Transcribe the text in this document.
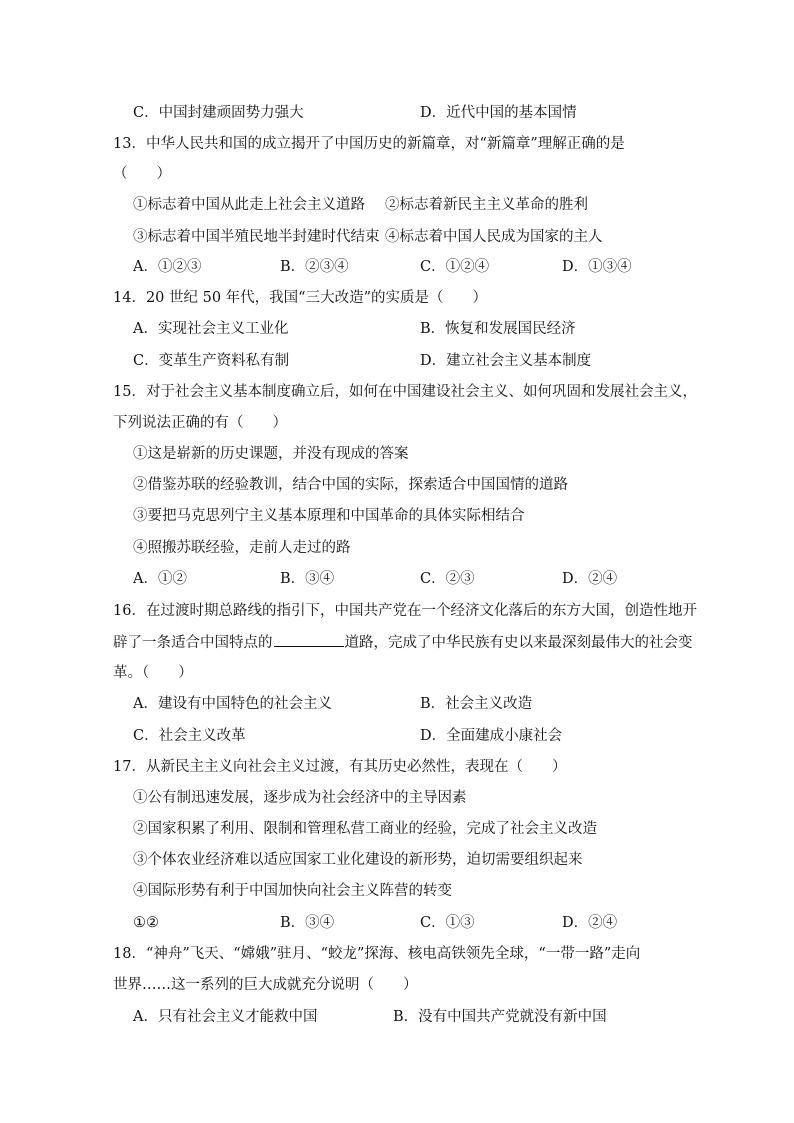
C．中国封建顽固势力强大	D．近代中国的基本国情
13．中华人民共和国的成立揭开了中国历史的新篇章，对“新篇章”理解正确的是
（　　）
①标志着中国从此走上社会主义道路 ②标志着新民主主义革命的胜利
③标志着中国半殖民地半封建时代结束 ④标志着中国人民成为国家的主人
A．①②③	B．②③④	C．①②④	D．①③④
14．20 世纪 50 年代，我国“三大改造”的实质是（　　）
A．实现社会主义工业化	B．恢复和发展国民经济
C．变革生产资料私有制	D．建立社会主义基本制度
15．对于社会主义基本制度确立后，如何在中国建设社会主义、如何巩固和发展社会主义，
下列说法正确的有（　　）
①这是崭新的历史课题，并没有现成的答案
②借鉴苏联的经验教训，结合中国的实际，探索适合中国国情的道路
③要把马克思列宁主义基本原理和中国革命的具体实际相结合
④照搬苏联经验，走前人走过的路
A．①②	B．③④	C．②③	D．②④
16．在过渡时期总路线的指引下，中国共产党在一个经济文化落后的东方大国，创造性地开
辟了一条适合中国特点的	道路，完成了中华民族有史以来最深刻最伟大的社会变
革。（　　）
A．建设有中国特色的社会主义	B．社会主义改造
C．社会主义改革	D．全面建成小康社会
17．从新民主主义向社会主义过渡，有其历史必然性，表现在（　　）
①公有制迅速发展，逐步成为社会经济中的主导因素
②国家积累了利用、限制和管理私营工商业的经验，完成了社会主义改造
③个体农业经济难以适应国家工业化建设的新形势，迫切需要组织起来
④国际形势有利于中国加快向社会主义阵营的转变
①②	B．③④	C．①③	D．②④
18．“神舟”飞天、“嫦娥”驻月、“蛟龙”探海、核电高铁领先全球，“一带一路”走向
世界……这一系列的巨大成就充分说明（　　）
A．只有社会主义才能救中国	B．没有中国共产党就没有新中国
